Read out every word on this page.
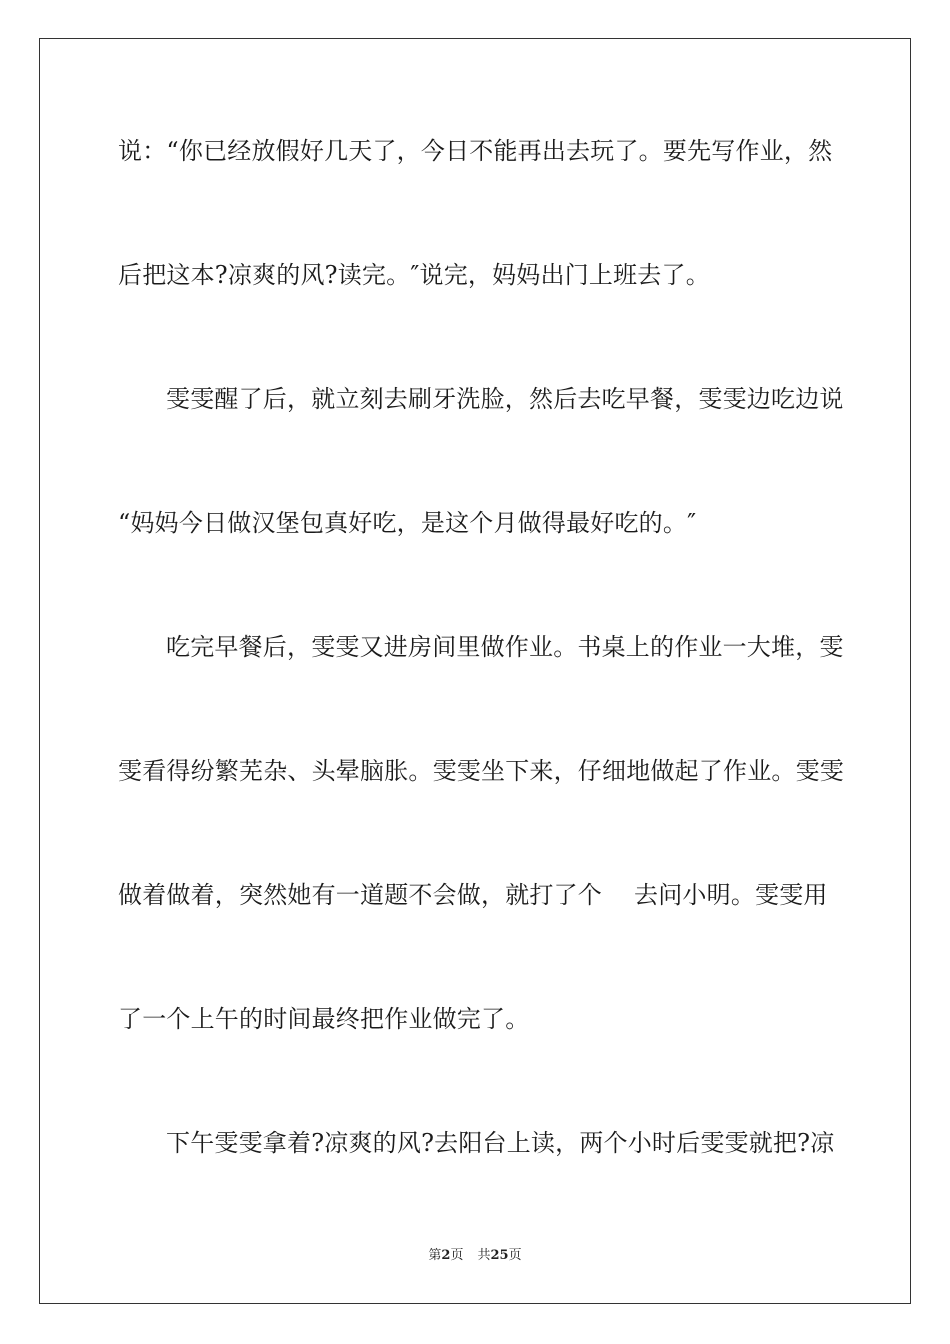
说：“你已经放假好几天了，今日不能再出去玩了。要先写作业，然
后把这本?凉爽的风?读完。″说完，妈妈出门上班去了。
雯雯醒了后，就立刻去刷牙洗脸，然后去吃早餐，雯雯边吃边说
“妈妈今日做汉堡包真好吃，是这个月做得最好吃的。″
吃完早餐后，雯雯又进房间里做作业。书桌上的作业一大堆，雯
雯看得纷繁芜杂、头晕脑胀。雯雯坐下来，仔细地做起了作业。雯雯
做着做着，突然她有一道题不会做，就打了个　 去问小明。雯雯用
了一个上午的时间最终把作业做完了。
下午雯雯拿着?凉爽的风?去阳台上读，两个小时后雯雯就把?凉
第2页 共25页
